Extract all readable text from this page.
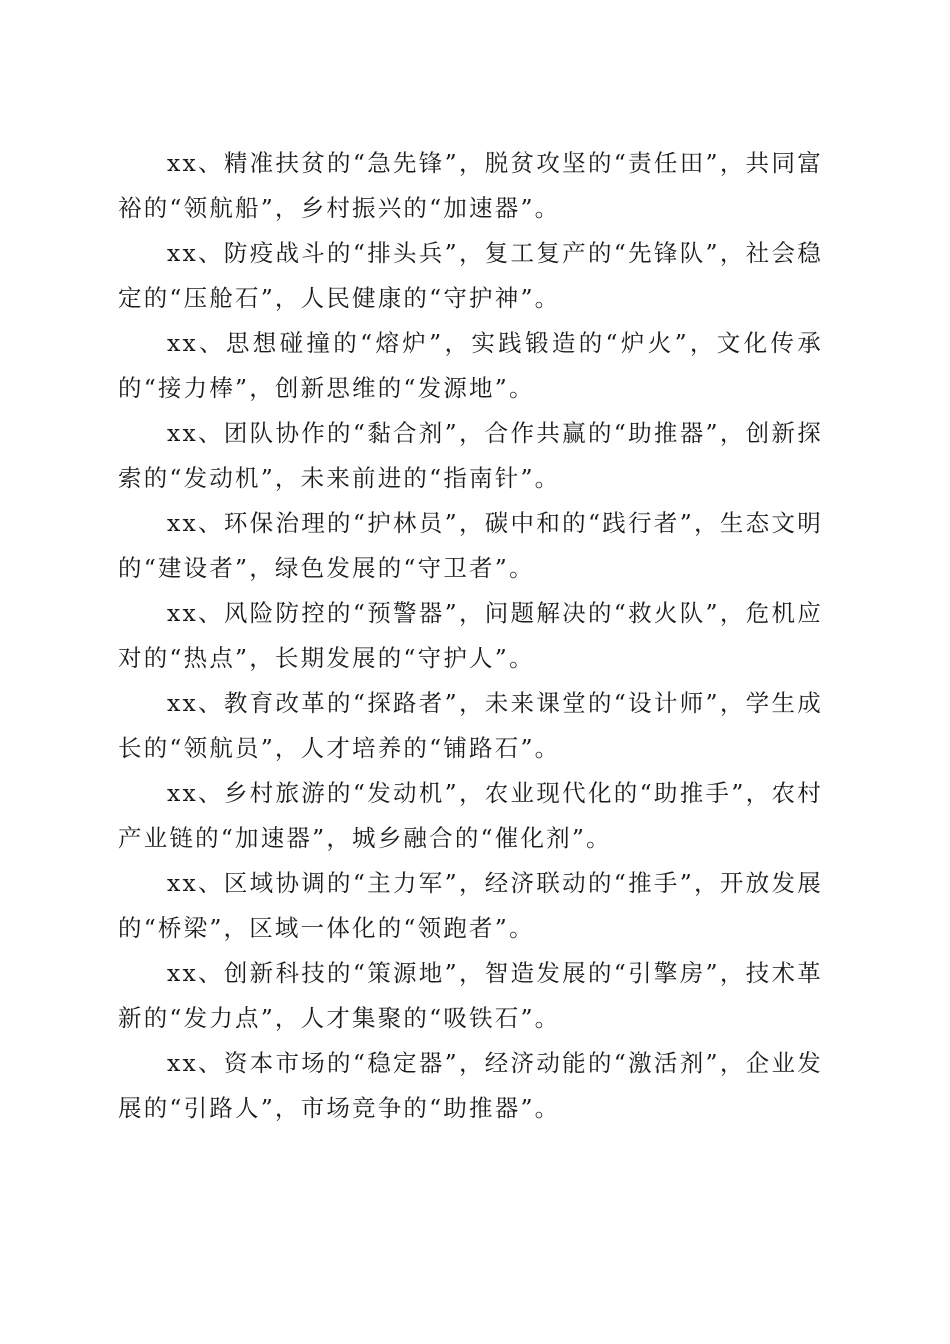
xx、精准扶贫的“急先锋”，脱贫攻坚的“责任田”，共同富裕的“领航船”，乡村振兴的“加速器”。

xx、防疫战斗的“排头兵”，复工复产的“先锋队”，社会稳定的“压舱石”，人民健康的“守护神”。

xx、思想碰撞的“熔炉”，实践锻造的“炉火”，文化传承的“接力棒”，创新思维的“发源地”。

xx、团队协作的“黏合剂”，合作共赢的“助推器”，创新探索的“发动机”，未来前进的“指南针”。

xx、环保治理的“护林员”，碳中和的“践行者”，生态文明的“建设者”，绿色发展的“守卫者”。

xx、风险防控的“预警器”，问题解决的“救火队”，危机应对的“热点”，长期发展的“守护人”。

xx、教育改革的“探路者”，未来课堂的“设计师”，学生成长的“领航员”，人才培养的“铺路石”。

xx、乡村旅游的“发动机”，农业现代化的“助推手”，农村产业链的“加速器”，城乡融合的“催化剂”。

xx、区域协调的“主力军”，经济联动的“推手”，开放发展的“桥梁”，区域一体化的“领跑者”。

xx、创新科技的“策源地”，智造发展的“引擎房”，技术革新的“发力点”，人才集聚的“吸铁石”。

xx、资本市场的“稳定器”，经济动能的“激活剂”，企业发展的“引路人”，市场竞争的“助推器”。
